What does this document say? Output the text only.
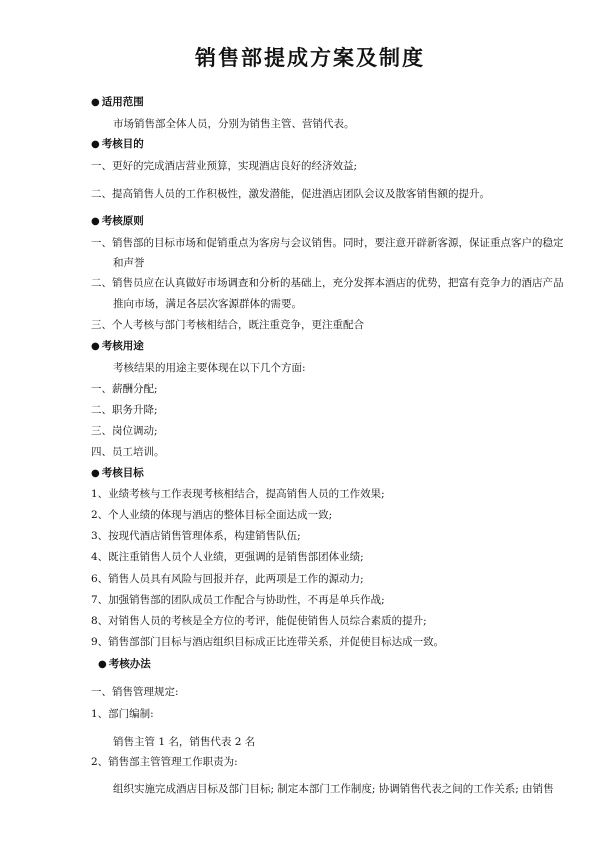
销售部提成方案及制度
● 适用范围
市场销售部全体人员，分别为销售主管、营销代表。
● 考核目的
一、更好的完成酒店营业预算，实现酒店良好的经济效益;
二、提高销售人员的工作积极性，激发潜能，促进酒店团队会议及散客销售额的提升。
● 考核原则
一、销售部的目标市场和促销重点为客房与会议销售。同时，要注意开辟新客源，保证重点客户的稳定
和声誉
二、销售员应在认真做好市场调查和分析的基础上，充分发挥本酒店的优势，把富有竞争力的酒店产品
推向市场，满足各层次客源群体的需要。
三、个人考核与部门考核相结合，既注重竞争，更注重配合
● 考核用途
考核结果的用途主要体现在以下几个方面:
一、薪酬分配;
二、职务升降;
三、岗位调动;
四、员工培训。
● 考核目标
1、业绩考核与工作表现考核相结合，提高销售人员的工作效果;
2、个人业绩的体现与酒店的整体目标全面达成一致;
3、按现代酒店销售管理体系，构建销售队伍;
4、既注重销售人员个人业绩，更强调的是销售部团体业绩;
6、销售人员具有风险与回报并存，此两项是工作的源动力;
7、加强销售部的团队成员工作配合与协助性，不再是单兵作战;
8、对销售人员的考核是全方位的考评，能促使销售人员综合素质的提升;
9、销售部部门目标与酒店组织目标成正比连带关系，并促使目标达成一致。
● 考核办法
一、销售管理规定:
1、部门编制:
销售主管 1 名，销售代表 2 名
2、销售部主管管理工作职责为:
组织实施完成酒店目标及部门目标; 制定本部门工作制度; 协调销售代表之间的工作关系; 由销售
